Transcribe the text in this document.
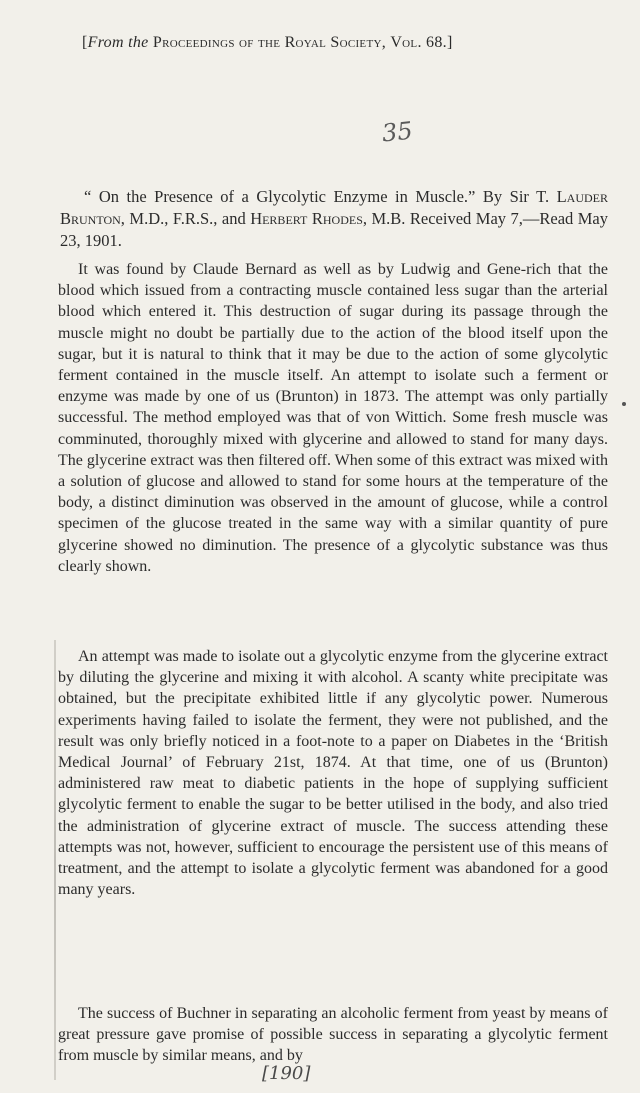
[From the Proceedings of the Royal Society, Vol. 68.]
35

“ On the Presence of a Glycolytic Enzyme in Muscle.” By Sir T. Lauder Brunton, M.D., F.R.S., and Herbert Rhodes, M.B. Received May 7,—Read May 23, 1901.

It was found by Claude Bernard as well as by Ludwig and Gene-rich that the blood which issued from a contracting muscle contained less sugar than the arterial blood which entered it. This destruction of sugar during its passage through the muscle might no doubt be partially due to the action of the blood itself upon the sugar, but it is natural to think that it may be due to the action of some glycolytic ferment contained in the muscle itself. An attempt to isolate such a ferment or enzyme was made by one of us (Brunton) in 1873. The attempt was only partially successful. The method employed was that of von Wittich. Some fresh muscle was comminuted, thoroughly mixed with glycerine and allowed to stand for many days. The glycerine extract was then filtered off. When some of this extract was mixed with a solution of glucose and allowed to stand for some hours at the temperature of the body, a distinct diminution was observed in the amount of glucose, while a control specimen of the glucose treated in the same way with a similar quantity of pure glycerine showed no diminution. The presence of a glycolytic substance was thus clearly shown.

An attempt was made to isolate out a glycolytic enzyme from the glycerine extract by diluting the glycerine and mixing it with alcohol. A scanty white precipitate was obtained, but the precipitate exhibited little if any glycolytic power. Numerous experiments having failed to isolate the ferment, they were not published, and the result was only briefly noticed in a foot-note to a paper on Diabetes in the ‘British Medical Journal’ of February 21st, 1874. At that time, one of us (Brunton) administered raw meat to diabetic patients in the hope of supplying sufficient glycolytic ferment to enable the sugar to be better utilised in the body, and also tried the administration of glycerine extract of muscle. The success attending these attempts was not, however, sufficient to encourage the persistent use of this means of treatment, and the attempt to isolate a glycolytic ferment was abandoned for a good many years.

The success of Buchner in separating an alcoholic ferment from yeast by means of great pressure gave promise of possible success in separating a glycolytic ferment from muscle by similar means, and by

[190]
